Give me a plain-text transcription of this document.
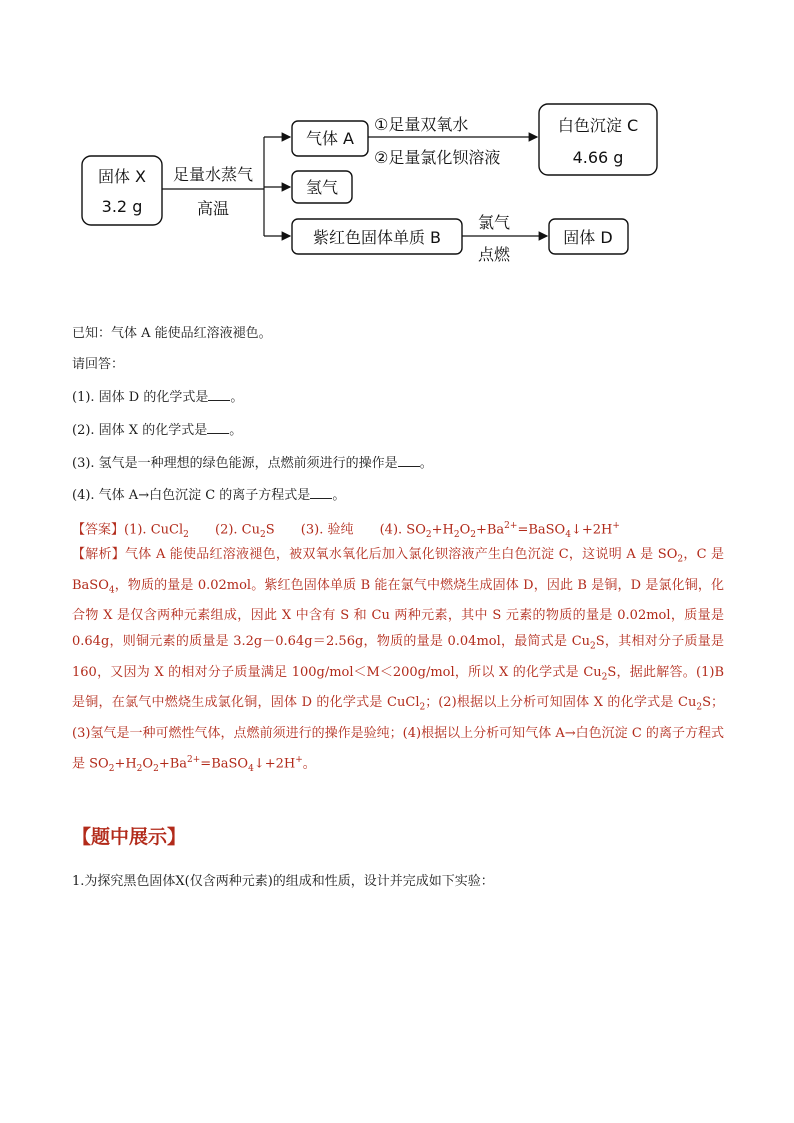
固体 X
3.2 g
足量水蒸气
高温
气体 A
氢气
紫红色固体单质 B
①足量双氧水
②足量氯化钡溶液
白色沉淀 C
4.66 g
氯气
点燃
固体 D
已知：气体 A 能使品红溶液褪色。
请回答：
(1). 固体 D 的化学式是 。
(2). 固体 X 的化学式是 。
(3). 氢气是一种理想的绿色能源，点燃前须进行的操作是 。
(4). 气体 A→白色沉淀 C 的离子方程式是 。
【答案】(1). CuCl$_2$ (2). $Cu_2S$ (3). 验纯 (4). $SO_2+H_2O_2+Ba^{2+}=BaSO_4↓+2H^+$
【解析】气体 A 能使品红溶液褪色，被双氧水氧化后加入氯化钡溶液产生白色沉淀 C，这说明 A 是 $SO_2$，C 是 BaSO$_4$，物质的量是 0.02mol。紫红色固体单质 B 能在氯气中燃烧生成固体 D，因此 B 是铜，D 是氯化铜，化合物 X 是仅含两种元素组成，因此 X 中含有 S 和 Cu 两种元素，其中 S 元素的物质的量是 0.02mol，质量是 0.64g，则铜元素的质量是 3.2g－0.64g＝2.56g，物质的量是 0.04mol，最简式是 $Cu_2S$，其相对分子质量是 160，又因为 X 的相对分子质量满足 100g/mol＜M＜200g/mol，所以 X 的化学式是 $Cu_2S$，据此解答。(1)B 是铜，在氯气中燃烧生成氯化铜，固体 D 的化学式是 CuCl$_2$；(2)根据以上分析可知固体 X 的化学式是 $Cu_2S$；(3)氢气是一种可燃性气体，点燃前须进行的操作是验纯；(4)根据以上分析可知气体 A→白色沉淀 C 的离子方程式是 $SO_2+H_2O_2+Ba^{2+}=BaSO_4↓+2H^+$。
【题中展示】
1.为探究黑色固体X(仅含两种元素)的组成和性质，设计并完成如下实验：
